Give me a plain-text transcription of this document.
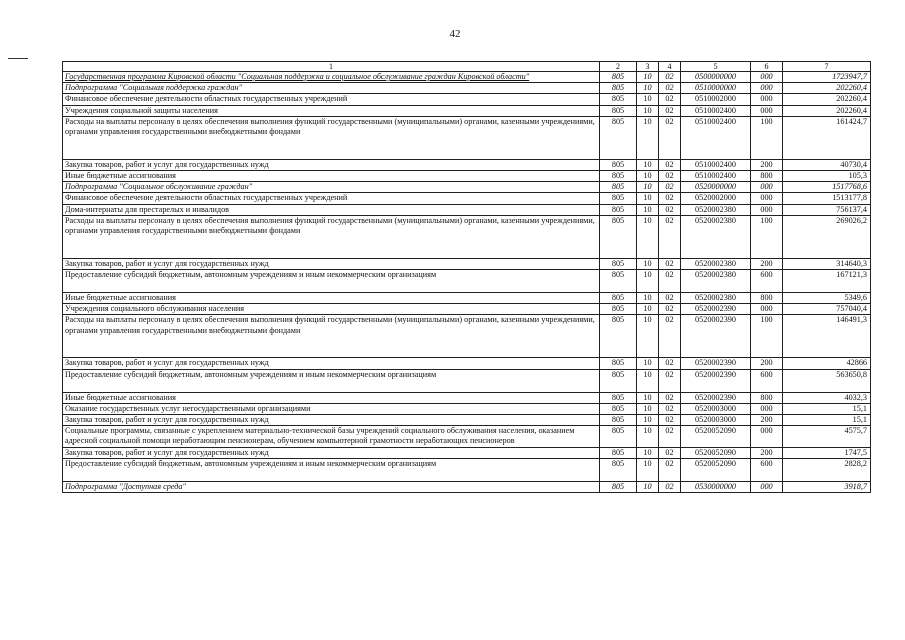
42
1	2	3	4	5	6	7
Государственная программа Кировской области "Социальная поддержка и социальное обслуживание граждан Кировской области"	805	10	02	0500000000	000	1723947,7
Подпрограмма "Социальная поддержка граждан"	805	10	02	0510000000	000	202260,4
Финансовое обеспечение деятельности областных государственных учреждений	805	10	02	0510002000	000	202260,4
Учреждения социальной защиты населения	805	10	02	0510002400	000	202260,4
Расходы на выплаты персоналу в целях обеспечения выполнения функций государственными (муниципальными) органами, казенными учреждениями, органами управления государственными внебюджетными фондами	805	10	02	0510002400	100	161424,7
Закупка товаров, работ и услуг для государственных нужд	805	10	02	0510002400	200	40730,4
Иные бюджетные ассигнования	805	10	02	0510002400	800	105,3
Подпрограмма "Социальное обслуживание граждан"	805	10	02	0520000000	000	1517768,6
Финансовое обеспечение деятельности областных государственных учреждений	805	10	02	0520002000	000	1513177,8
Дома-интернаты для престарелых и инвалидов	805	10	02	0520002380	000	756137,4
Расходы на выплаты персоналу в целях обеспечения выполнения функций государственными (муниципальными) органами, казенными учреждениями, органами управления государственными внебюджетными фондами	805	10	02	0520002380	100	269026,2
Закупка товаров, работ и услуг для государственных нужд	805	10	02	0520002380	200	314640,3
Предоставление субсидий бюджетным, автономным учреждениям и иным некоммерческим организациям	805	10	02	0520002380	600	167121,3
Иные бюджетные ассигнования	805	10	02	0520002380	800	5349,6
Учреждения социального обслуживания населения	805	10	02	0520002390	000	757040,4
Расходы на выплаты персоналу в целях обеспечения выполнения функций государственными (муниципальными) органами, казенными учреждениями, органами управления государственными внебюджетными фондами	805	10	02	0520002390	100	146491,3
Закупка товаров, работ и услуг для государственных нужд	805	10	02	0520002390	200	42866
Предоставление субсидий бюджетным, автономным учреждениям и иным некоммерческим организациям	805	10	02	0520002390	600	563650,8
Иные бюджетные ассигнования	805	10	02	0520002390	800	4032,3
Оказание государственных услуг негосударственными организациями	805	10	02	0520003000	000	15,1
Закупка товаров, работ и услуг для государственных нужд	805	10	02	0520003000	200	15,1
Социальные программы, связанные с укреплением материально-технической базы учреждений социального обслуживания населения, оказанием адресной социальной помощи неработающим пенсионерам, обучением компьютерной грамотности неработающих пенсионеров	805	10	02	0520052090	000	4575,7
Закупка товаров, работ и услуг для государственных нужд	805	10	02	0520052090	200	1747,5
Предоставление субсидий бюджетным, автономным учреждениям и иным некоммерческим организациям	805	10	02	0520052090	600	2828,2
Подпрограмма "Доступная среда"	805	10	02	0530000000	000	3918,7
